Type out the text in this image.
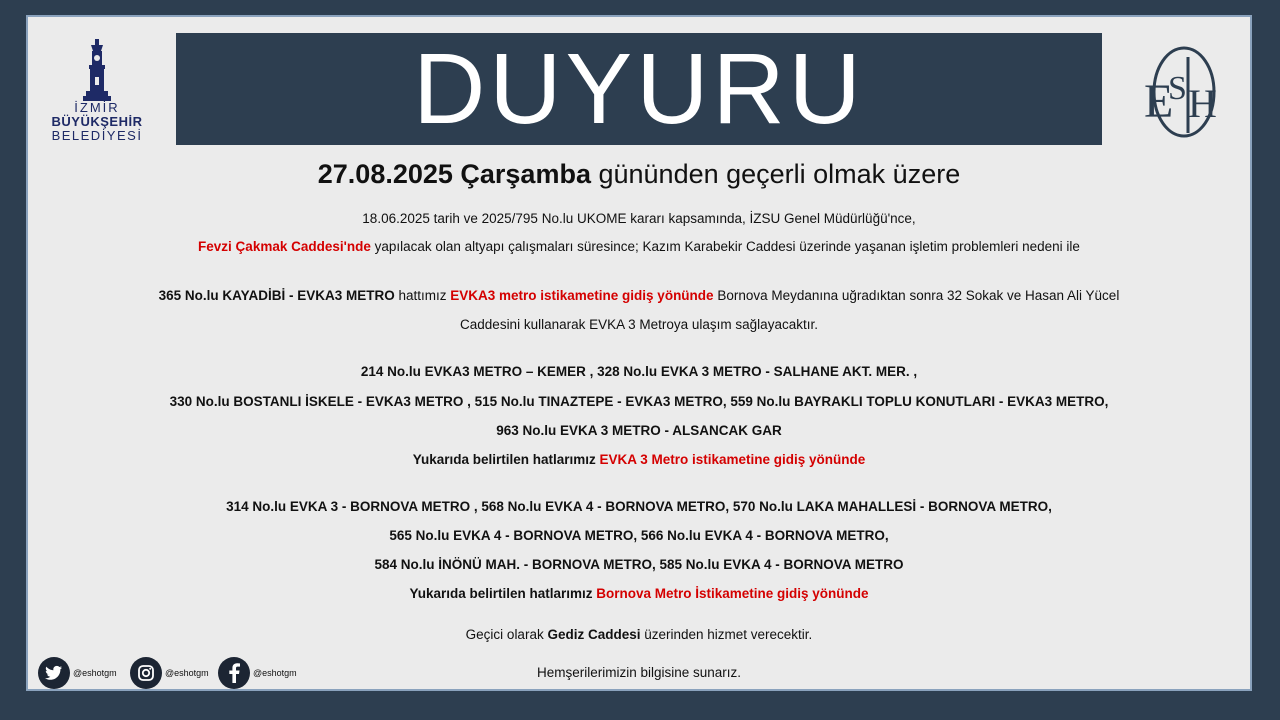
İZMİR
BÜYÜKŞEHİR
BELEDİYESİ	DUYURU	E
S H
27.08.2025 Çarşamba gününden geçerli olmak üzere
18.06.2025 tarih ve 2025/795 No.lu UKOME kararı kapsamında, İZSU Genel Müdürlüğü'nce,
Fevzi Çakmak Caddesi'nde yapılacak olan altyapı çalışmaları süresince; Kazım Karabekir Caddesi üzerinde yaşanan işletim problemleri nedeni ile
365 No.lu KAYADİBİ - EVKA3 METRO hattımız EVKA3 metro istikametine gidiş yönünde Bornova Meydanına uğradıktan sonra 32 Sokak ve Hasan Ali Yücel
Caddesini kullanarak EVKA 3 Metroya ulaşım sağlayacaktır.
214 No.lu EVKA3 METRO – KEMER , 328 No.lu EVKA 3 METRO - SALHANE AKT. MER. ,
330 No.lu BOSTANLI İSKELE - EVKA3 METRO , 515 No.lu TINAZTEPE - EVKA3 METRO, 559 No.lu BAYRAKLI TOPLU KONUTLARI - EVKA3 METRO,
963 No.lu EVKA 3 METRO - ALSANCAK GAR
Yukarıda belirtilen hatlarımız EVKA 3 Metro istikametine gidiş yönünde
314 No.lu EVKA 3 - BORNOVA METRO , 568 No.lu EVKA 4 - BORNOVA METRO, 570 No.lu LAKA MAHALLESİ - BORNOVA METRO,
565 No.lu EVKA 4 - BORNOVA METRO, 566 No.lu EVKA 4 - BORNOVA METRO,
584 No.lu İNÖNÜ MAH. - BORNOVA METRO, 585 No.lu EVKA 4 - BORNOVA METRO
Yukarıda belirtilen hatlarımız Bornova Metro İstikametine gidiş yönünde
Geçici olarak Gediz Caddesi üzerinden hizmet verecektir.
Hemşerilerimizin bilgisine sunarız.
@eshotgm	@eshotgm	@eshotgm
